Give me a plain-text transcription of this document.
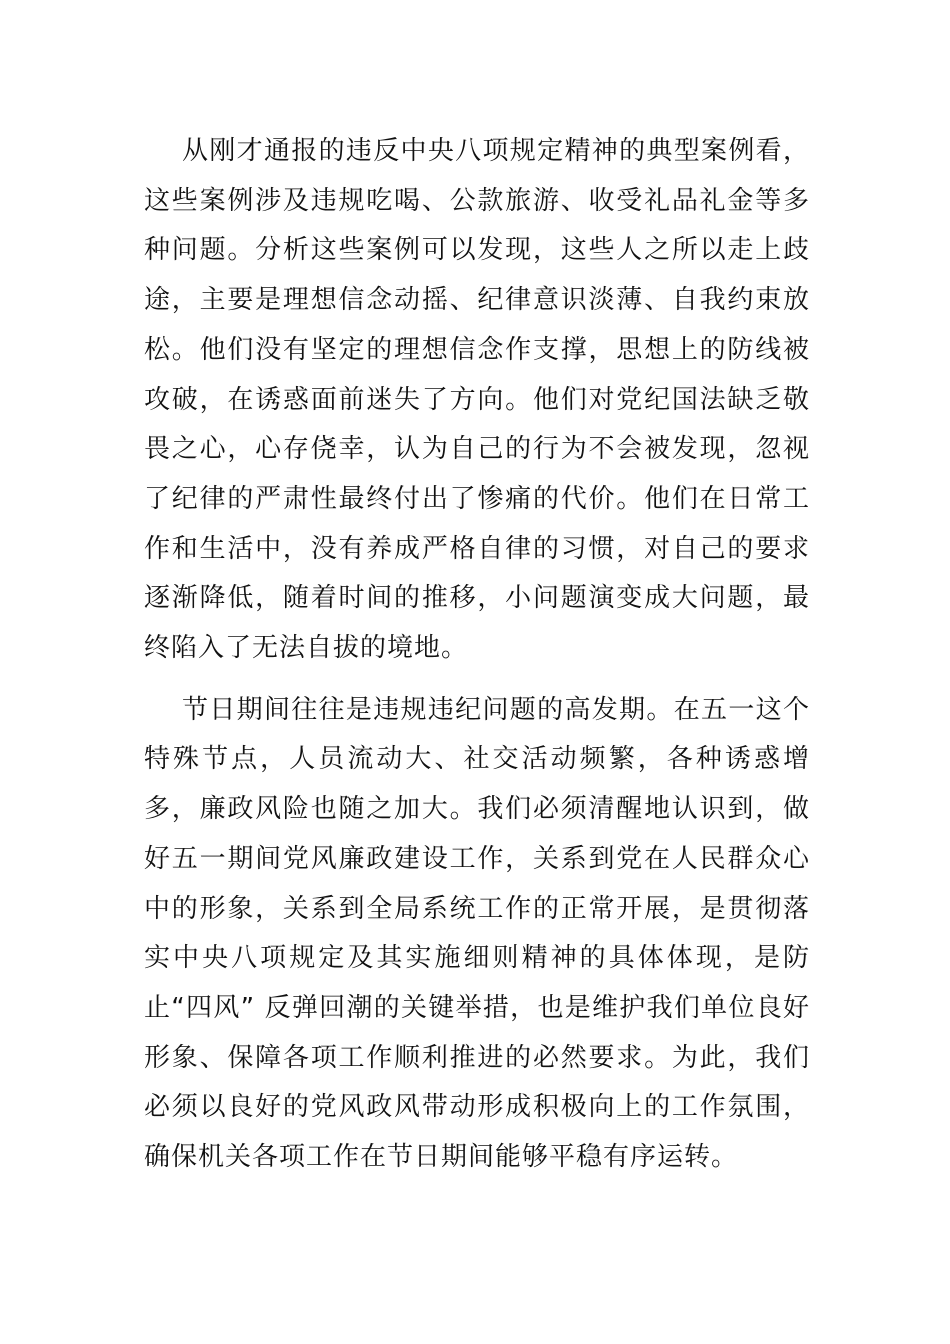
从刚才通报的违反中央八项规定精神的典型案例看，这些案例涉及违规吃喝、公款旅游、收受礼品礼金等多种问题。分析这些案例可以发现，这些人之所以走上歧途，主要是理想信念动摇、纪律意识淡薄、自我约束放松。他们没有坚定的理想信念作支撑，思想上的防线被攻破，在诱惑面前迷失了方向。他们对党纪国法缺乏敬畏之心，心存侥幸，认为自己的行为不会被发现，忽视了纪律的严肃性最终付出了惨痛的代价。他们在日常工作和生活中，没有养成严格自律的习惯，对自己的要求逐渐降低，随着时间的推移，小问题演变成大问题，最终陷入了无法自拔的境地。

节日期间往往是违规违纪问题的高发期。在五一这个特殊节点，人员流动大、社交活动频繁，各种诱惑增多，廉政风险也随之加大。我们必须清醒地认识到，做好五一期间党风廉政建设工作，关系到党在人民群众心中的形象，关系到全局系统工作的正常开展，是贯彻落实中央八项规定及其实施细则精神的具体体现，是防止“四风” 反弹回潮的关键举措，也是维护我们单位良好形象、保障各项工作顺利推进的必然要求。为此，我们必须以良好的党风政风带动形成积极向上的工作氛围，确保机关各项工作在节日期间能够平稳有序运转。
